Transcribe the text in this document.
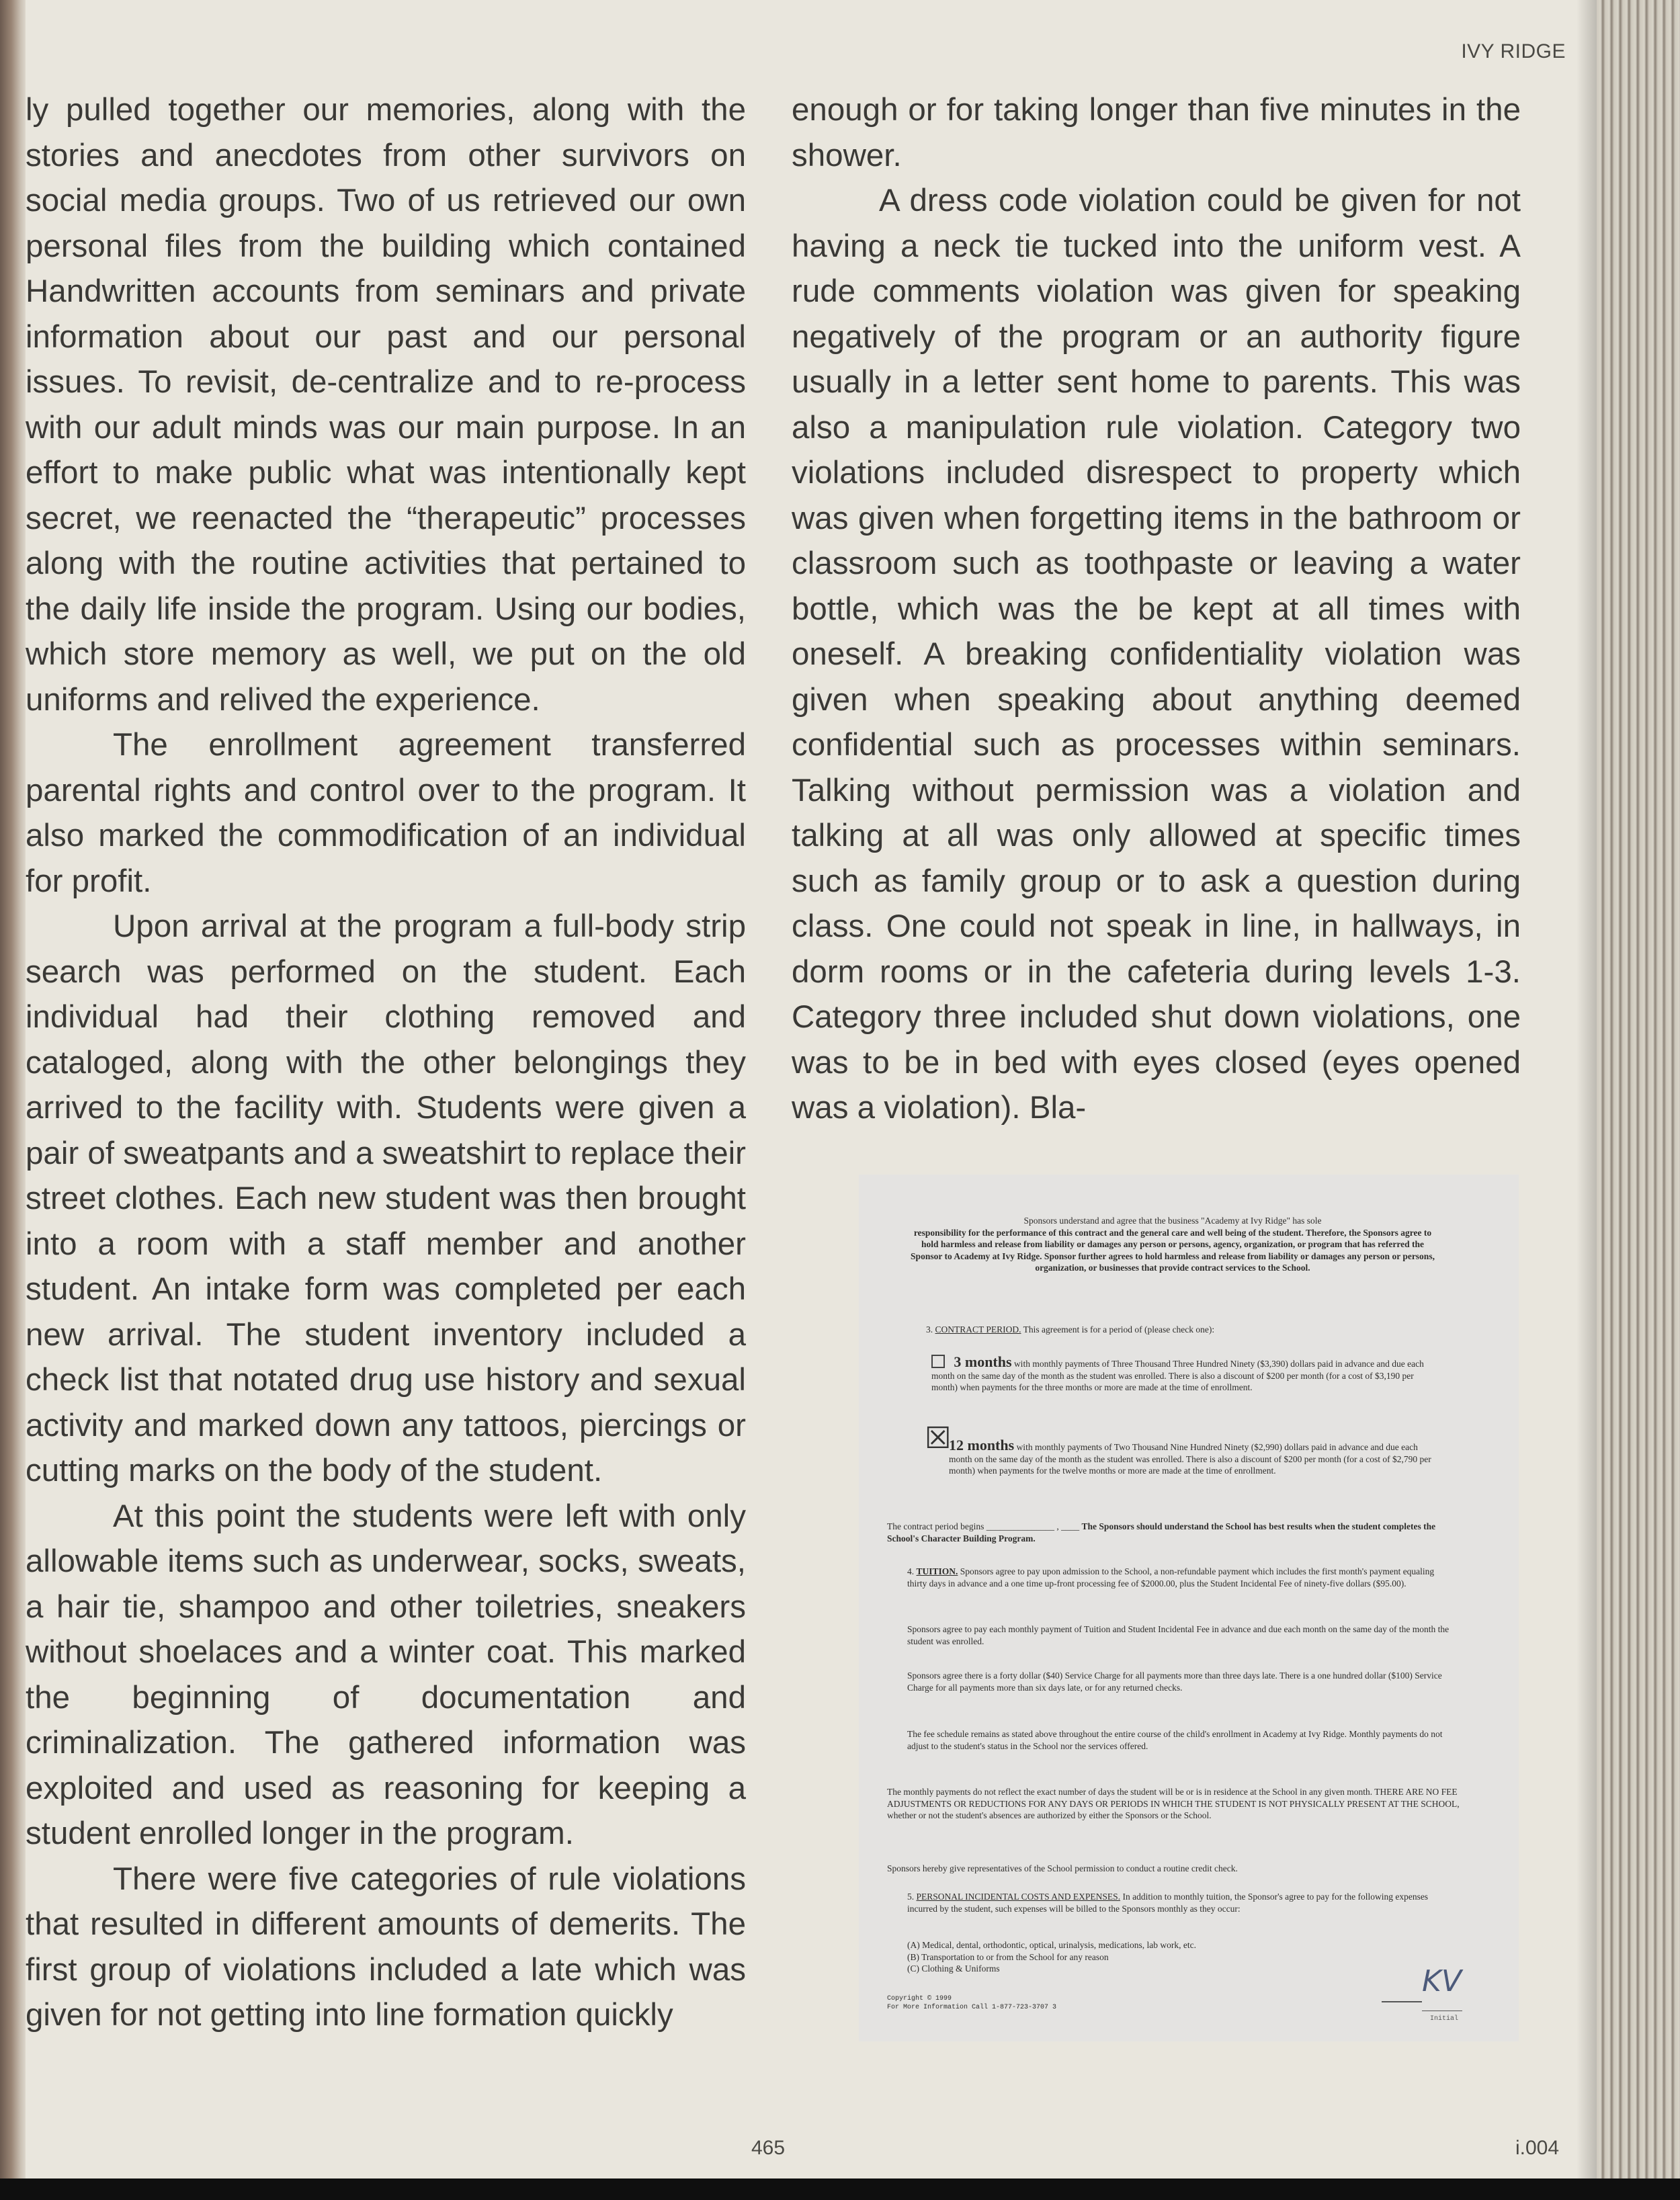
IVY RIDGE

ly pulled together our memories, along with the stories and anecdotes from other survivors on social media groups. Two of us retrieved our own personal files from the building which contained Handwritten accounts from seminars and private information about our past and our personal issues. To revisit, de-centralize and to re-process with our adult minds was our main purpose. In an effort to make public what was intentionally kept secret, we reenacted the “therapeutic” processes along with the routine activities that pertained to the daily life inside the program. Using our bodies, which store memory as well, we put on the old uniforms and relived the experience.

The enrollment agreement transferred parental rights and control over to the program. It also marked the commodification of an individual for profit.

Upon arrival at the program a full-body strip search was performed on the student. Each individual had their clothing removed and cataloged, along with the other belongings they arrived to the facility with. Students were given a pair of sweatpants and a sweatshirt to replace their street clothes. Each new student was then brought into a room with a staff member and another student. An intake form was completed per each new arrival. The student inventory included a check list that notated drug use history and sexual activity and marked down any tattoos, piercings or cutting marks on the body of the student.

At this point the students were left with only allowable items such as underwear, socks, sweats, a hair tie, shampoo and other toiletries, sneakers without shoelaces and a winter coat. This marked the beginning of documentation and criminalization. The gathered information was exploited and used as reasoning for keeping a student enrolled longer in the program.

There were five categories of rule violations that resulted in different amounts of demerits. The first group of violations included a late which was given for not getting into line formation quickly

enough or for taking longer than five minutes in the shower.

A dress code violation could be given for not having a neck tie tucked into the uniform vest. A rude comments violation was given for speaking negatively of the program or an authority figure usually in a letter sent home to parents. This was also a manipulation rule violation. Category two violations included disrespect to property which was given when forgetting items in the bathroom or classroom such as toothpaste or leaving a water bottle, which was the be kept at all times with oneself. A breaking confidentiality violation was given when speaking about anything deemed confidential such as processes within seminars. Talking without permission was a violation and talking at all was only allowed at specific times such as family group or to ask a question during class. One could not speak in line, in hallways, in dorm rooms or in the cafeteria during levels 1-3. Category three included shut down violations, one was to be in bed with eyes closed (eyes opened was a violation). Bla-

Sponsors understand and agree that the business "Academy at Ivy Ridge" has sole
responsibility for the performance of this contract and the general care and well being of the student. Therefore, the Sponsors agree to hold harmless and release from liability or damages any person or persons, agency, organization, or program that has referred the Sponsor to Academy at Ivy Ridge. Sponsor further agrees to hold harmless and release from liability or damages any person or persons, organization, or businesses that provide contract services to the School.
3. CONTRACT PERIOD. This agreement is for a period of (please check one):
3 months with monthly payments of Three Thousand Three Hundred Ninety ($3,390) dollars paid in advance and due each month on the same day of the month as the student was enrolled. There is also a discount of $200 per month (for a cost of $3,190 per month) when payments for the three months or more are made at the time of enrollment.
☒
12 months with monthly payments of Two Thousand Nine Hundred Ninety ($2,990) dollars paid in advance and due each month on the same day of the month as the student was enrolled. There is also a discount of $200 per month (for a cost of $2,790 per month) when payments for the twelve months or more are made at the time of enrollment.
The contract period begins _______________ , ____ The Sponsors should understand the School has best results when the student completes the School's Character Building Program.
4. TUITION. Sponsors agree to pay upon admission to the School, a non-refundable payment which includes the first month's payment equaling thirty days in advance and a one time up-front processing fee of $2000.00, plus the Student Incidental Fee of ninety-five dollars ($95.00).
Sponsors agree to pay each monthly payment of Tuition and Student Incidental Fee in advance and due each month on the same day of the month the student was enrolled.
Sponsors agree there is a forty dollar ($40) Service Charge for all payments more than three days late. There is a one hundred dollar ($100) Service Charge for all payments more than six days late, or for any returned checks.
The fee schedule remains as stated above throughout the entire course of the child's enrollment in Academy at Ivy Ridge. Monthly payments do not adjust to the student's status in the School nor the services offered.
The monthly payments do not reflect the exact number of days the student will be or is in residence at the School in any given month. THERE ARE NO FEE ADJUSTMENTS OR REDUCTIONS FOR ANY DAYS OR PERIODS IN WHICH THE STUDENT IS NOT PHYSICALLY PRESENT AT THE SCHOOL, whether or not the student's absences are authorized by either the Sponsors or the School.
Sponsors hereby give representatives of the School permission to conduct a routine credit check.
5. PERSONAL INCIDENTAL COSTS AND EXPENSES. In addition to monthly tuition, the Sponsor's agree to pay for the following expenses incurred by the student, such expenses will be billed to the Sponsors monthly as they occur:
(A) Medical, dental, orthodontic, optical, urinalysis, medications, lab work, etc.
(B) Transportation to or from the School for any reason
(C) Clothing & Uniforms
Copyright © 1999
For More Information Call 1-877-723-3707 3
KV
Initial
465	i.004
